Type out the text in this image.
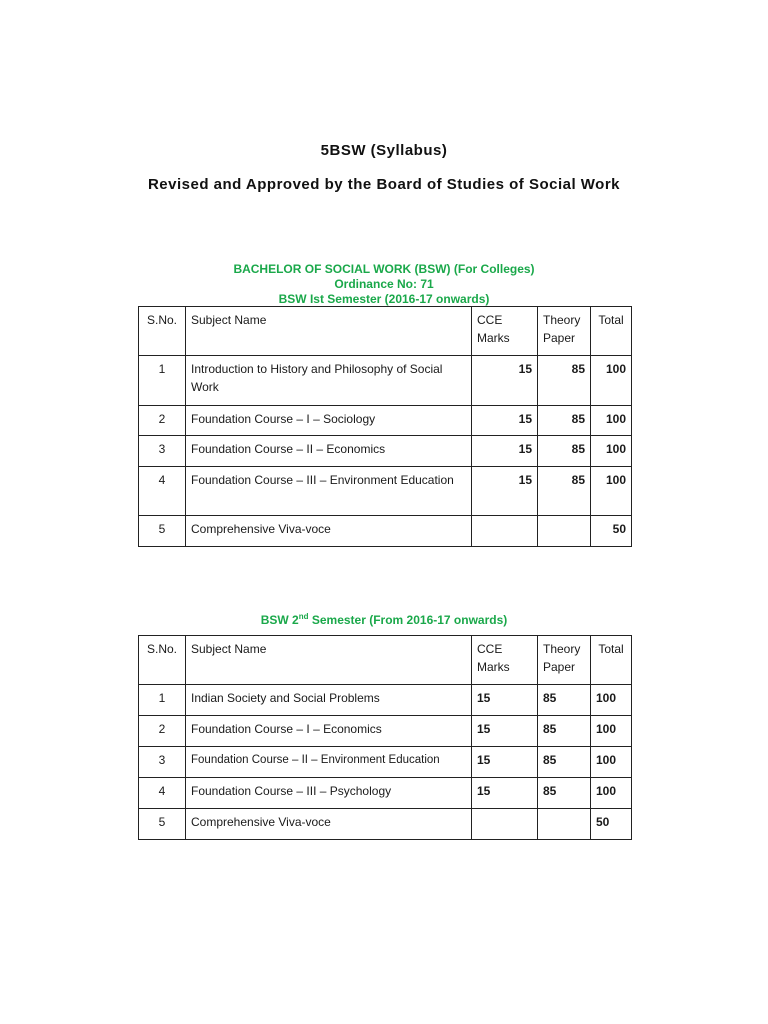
5BSW (Syllabus)
Revised and Approved by the Board of Studies of Social Work
BACHELOR OF SOCIAL WORK (BSW) (For Colleges)
Ordinance No: 71
BSW Ist Semester (2016-17 onwards)
S.No.	Subject Name	CCE Marks	Theory Paper	Total
1	Introduction to History and Philosophy of Social Work	15	85	100
2	Foundation Course – I – Sociology	15	85	100
3	Foundation Course – II – Economics	15	85	100
4	Foundation Course – III – Environment Education	15	85	100
5	Comprehensive Viva-voce			50
BSW 2nd Semester (From 2016-17 onwards)
S.No.	Subject Name	CCE Marks	Theory Paper	Total
1	Indian Society and Social Problems	15	85	100
2	Foundation Course – I – Economics	15	85	100
3	Foundation Course – II – Environment Education	15	85	100
4	Foundation Course – III – Psychology	15	85	100
5	Comprehensive Viva-voce			50
